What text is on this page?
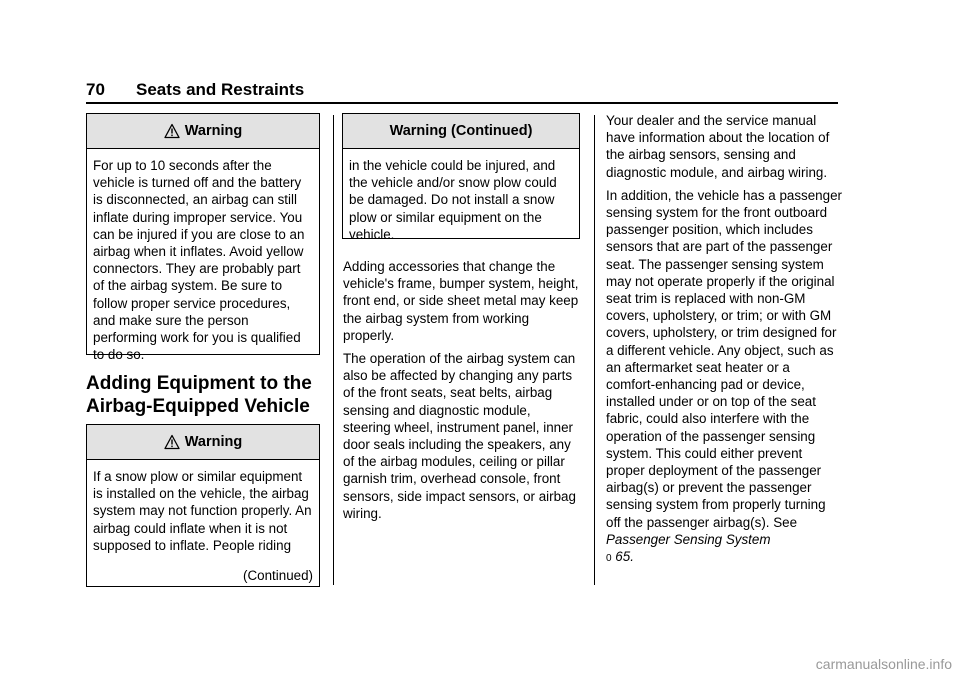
70 Seats and Restraints
Warning
For up to 10 seconds after the vehicle is turned off and the battery is disconnected, an airbag can still inflate during improper service. You can be injured if you are close to an airbag when it inflates. Avoid yellow connectors. They are probably part of the airbag system. Be sure to follow proper service procedures, and make sure the person performing work for you is qualified to do so.
Adding Equipment to the Airbag-Equipped Vehicle
Warning
If a snow plow or similar equipment is installed on the vehicle, the airbag system may not function properly. An airbag could inflate when it is not supposed to inflate. People riding
(Continued)
Warning (Continued)
in the vehicle could be injured, and the vehicle and/or snow plow could be damaged. Do not install a snow plow or similar equipment on the vehicle.

Adding accessories that change the vehicle's frame, bumper system, height, front end, or side sheet metal may keep the airbag system from working properly.

The operation of the airbag system can also be affected by changing any parts of the front seats, seat belts, airbag sensing and diagnostic module, steering wheel, instrument panel, inner door seals including the speakers, any of the airbag modules, ceiling or pillar garnish trim, overhead console, front sensors, side impact sensors, or airbag wiring.

Your dealer and the service manual have information about the location of the airbag sensors, sensing and diagnostic module, and airbag wiring.

In addition, the vehicle has a passenger sensing system for the front outboard passenger position, which includes sensors that are part of the passenger seat. The passenger sensing system may not operate properly if the original seat trim is replaced with non-GM covers, upholstery, or trim; or with GM covers, upholstery, or trim designed for a different vehicle. Any object, such as an aftermarket seat heater or a comfort-enhancing pad or device, installed under or on top of the seat fabric, could also interfere with the operation of the passenger sensing system. This could either prevent proper deployment of the passenger airbag(s) or prevent the passenger sensing system from properly turning off the passenger airbag(s). See Passenger Sensing System
0 65.

carmanualsonline.info
